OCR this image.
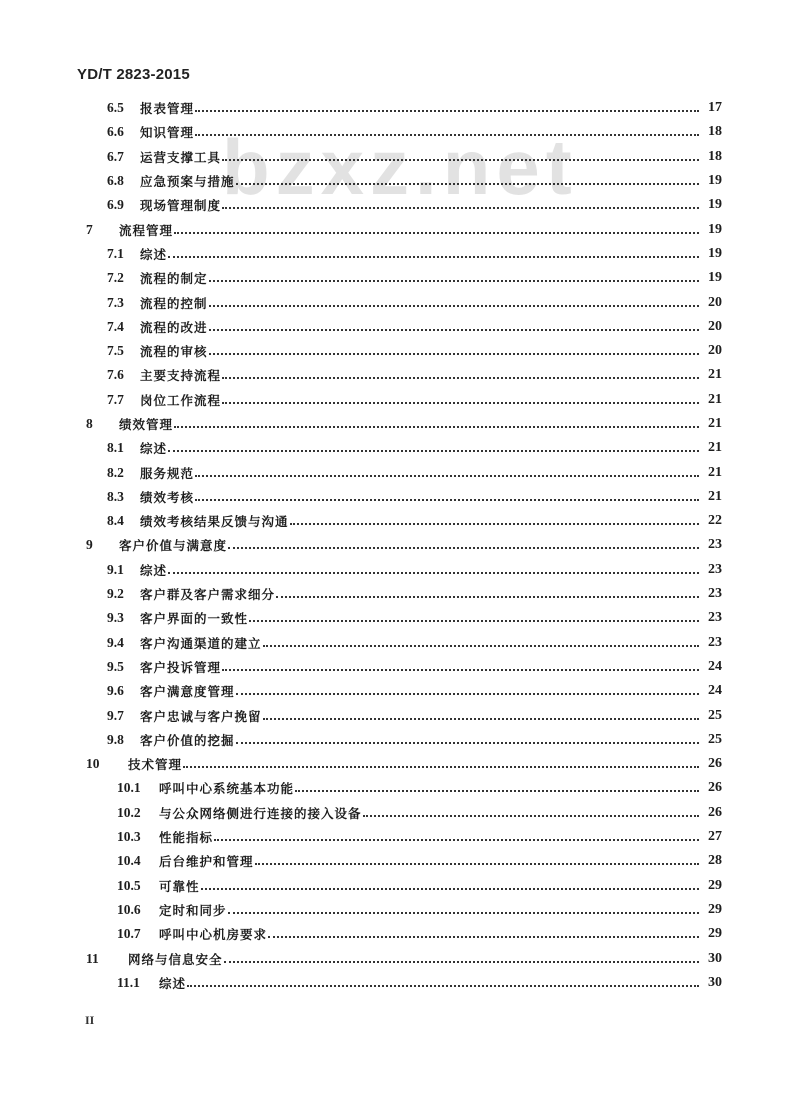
YD/T 2823-2015
bzxz.net
6.5	报表管理	17
6.6	知识管理	18
6.7	运营支撑工具	18
6.8	应急预案与措施	19
6.9	现场管理制度	19
7	流程管理	19
7.1	综述	19
7.2	流程的制定	19
7.3	流程的控制	20
7.4	流程的改进	20
7.5	流程的审核	20
7.6	主要支持流程	21
7.7	岗位工作流程	21
8	绩效管理	21
8.1	综述	21
8.2	服务规范	21
8.3	绩效考核	21
8.4	绩效考核结果反馈与沟通	22
9	客户价值与满意度	23
9.1	综述	23
9.2	客户群及客户需求细分	23
9.3	客户界面的一致性	23
9.4	客户沟通渠道的建立	23
9.5	客户投诉管理	24
9.6	客户满意度管理	24
9.7	客户忠诚与客户挽留	25
9.8	客户价值的挖掘	25
10	技术管理	26
10.1	呼叫中心系统基本功能	26
10.2	与公众网络侧进行连接的接入设备	26
10.3	性能指标	27
10.4	后台维护和管理	28
10.5	可靠性	29
10.6	定时和同步	29
10.7	呼叫中心机房要求	29
11	网络与信息安全	30
11.1	综述	30
II
